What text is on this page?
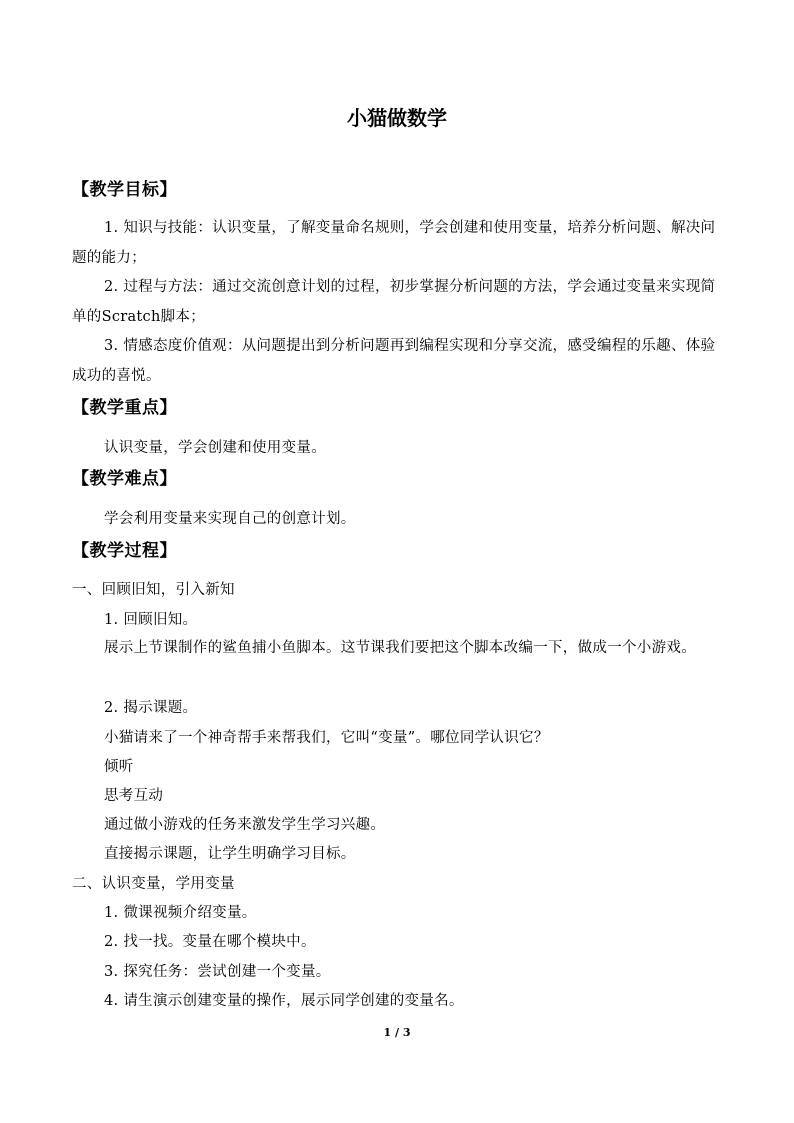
小猫做数学
【教学目标】
1. 知识与技能：认识变量，了解变量命名规则，学会创建和使用变量，培养分析问题、解决问题的能力；
2. 过程与方法：通过交流创意计划的过程，初步掌握分析问题的方法，学会通过变量来实现简单的Scratch脚本；
3. 情感态度价值观：从问题提出到分析问题再到编程实现和分享交流，感受编程的乐趣、体验成功的喜悦。
【教学重点】
认识变量，学会创建和使用变量。
【教学难点】
学会利用变量来实现自己的创意计划。
【教学过程】
一、回顾旧知，引入新知
1. 回顾旧知。
展示上节课制作的鲨鱼捕小鱼脚本。这节课我们要把这个脚本改编一下，做成一个小游戏。
2. 揭示课题。
小猫请来了一个神奇帮手来帮我们，它叫“变量”。哪位同学认识它？
倾听
思考互动
通过做小游戏的任务来激发学生学习兴趣。
直接揭示课题，让学生明确学习目标。
二、认识变量，学用变量
1. 微课视频介绍变量。
2. 找一找。变量在哪个模块中。
3. 探究任务：尝试创建一个变量。
4. 请生演示创建变量的操作，展示同学创建的变量名。
1 / 3
